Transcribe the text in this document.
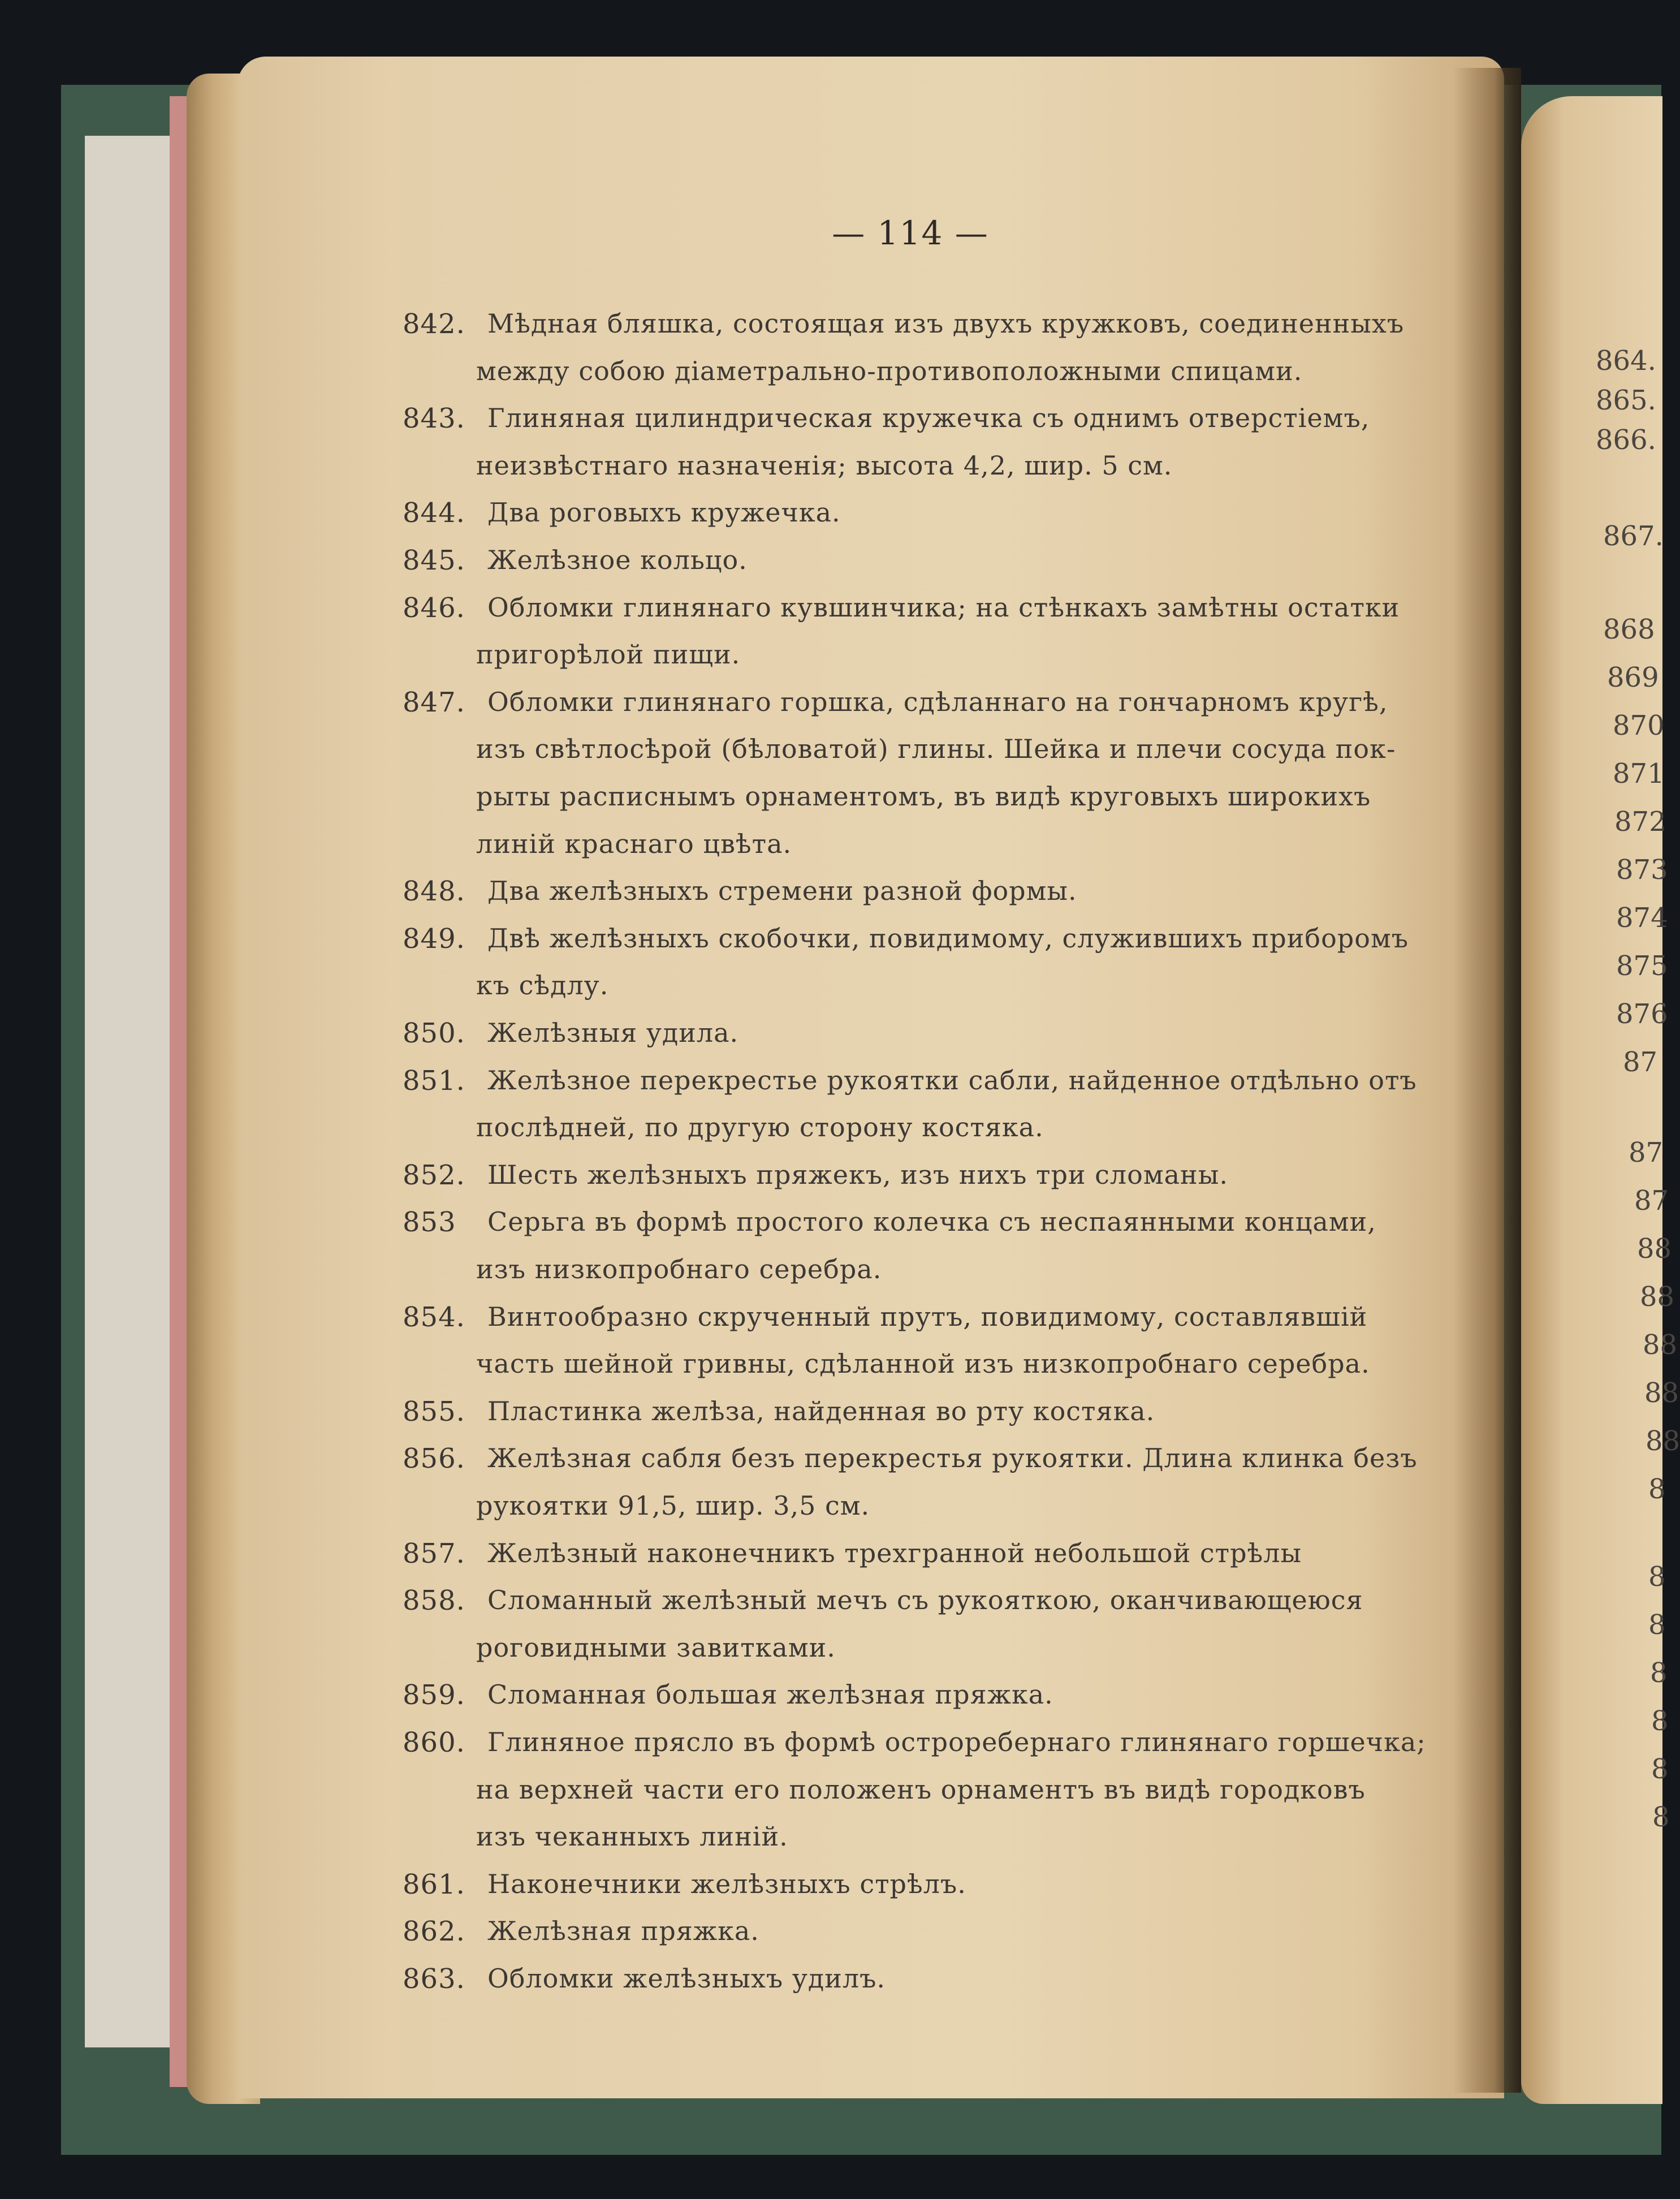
— 114 —
842. Мѣдная бляшка, состоящая изъ двухъ кружковъ, соединенныхъ
между собою діаметрально-противоположными спицами.
843. Глиняная цилиндрическая кружечка съ однимъ отверстіемъ,
неизвѣстнаго назначенія; высота 4,2, шир. 5 см.
844. Два роговыхъ кружечка.
845. Желѣзное кольцо.
846. Обломки глинянаго кувшинчика; на стѣнкахъ замѣтны остатки
пригорѣлой пищи.
847. Обломки глинянаго горшка, сдѣланнаго на гончарномъ кругѣ,
изъ свѣтлосѣрой (бѣловатой) глины. Шейка и плечи сосуда пок-
рыты расписнымъ орнаментомъ, въ видѣ круговыхъ широкихъ
линій краснаго цвѣта.
848. Два желѣзныхъ стремени разной формы.
849. Двѣ желѣзныхъ скобочки, повидимому, служившихъ приборомъ
къ сѣдлу.
850. Желѣзныя удила.
851. Желѣзное перекрестье рукоятки сабли, найденное отдѣльно отъ
послѣдней, по другую сторону костяка.
852. Шесть желѣзныхъ пряжекъ, изъ нихъ три сломаны.
853 Серьга въ формѣ простого колечка съ неспаянными концами,
изъ низкопробнаго серебра.
854. Винтообразно скрученный прутъ, повидимому, составлявшій
часть шейной гривны, сдѣланной изъ низкопробнаго серебра.
855. Пластинка желѣза, найденная во рту костяка.
856. Желѣзная сабля безъ перекрестья рукоятки. Длина клинка безъ
рукоятки 91,5, шир. 3,5 см.
857. Желѣзный наконечникъ трехгранной небольшой стрѣлы
858. Сломанный желѣзный мечъ съ рукояткою, оканчивающеюся
роговидными завитками.
859. Сломанная большая желѣзная пряжка.
860. Глиняное прясло въ формѣ остроребернаго глинянаго горшечка;
на верхней части его положенъ орнаментъ въ видѣ городковъ
изъ чеканныхъ линій.
861. Наконечники желѣзныхъ стрѣлъ.
862. Желѣзная пряжка.
863. Обломки желѣзныхъ удилъ.
864.
865.
866.
867.
868
869
870
871
872
873
874
875
876
87
87
87
88
88
88
88
88
8
8
8
8
8
8
8
